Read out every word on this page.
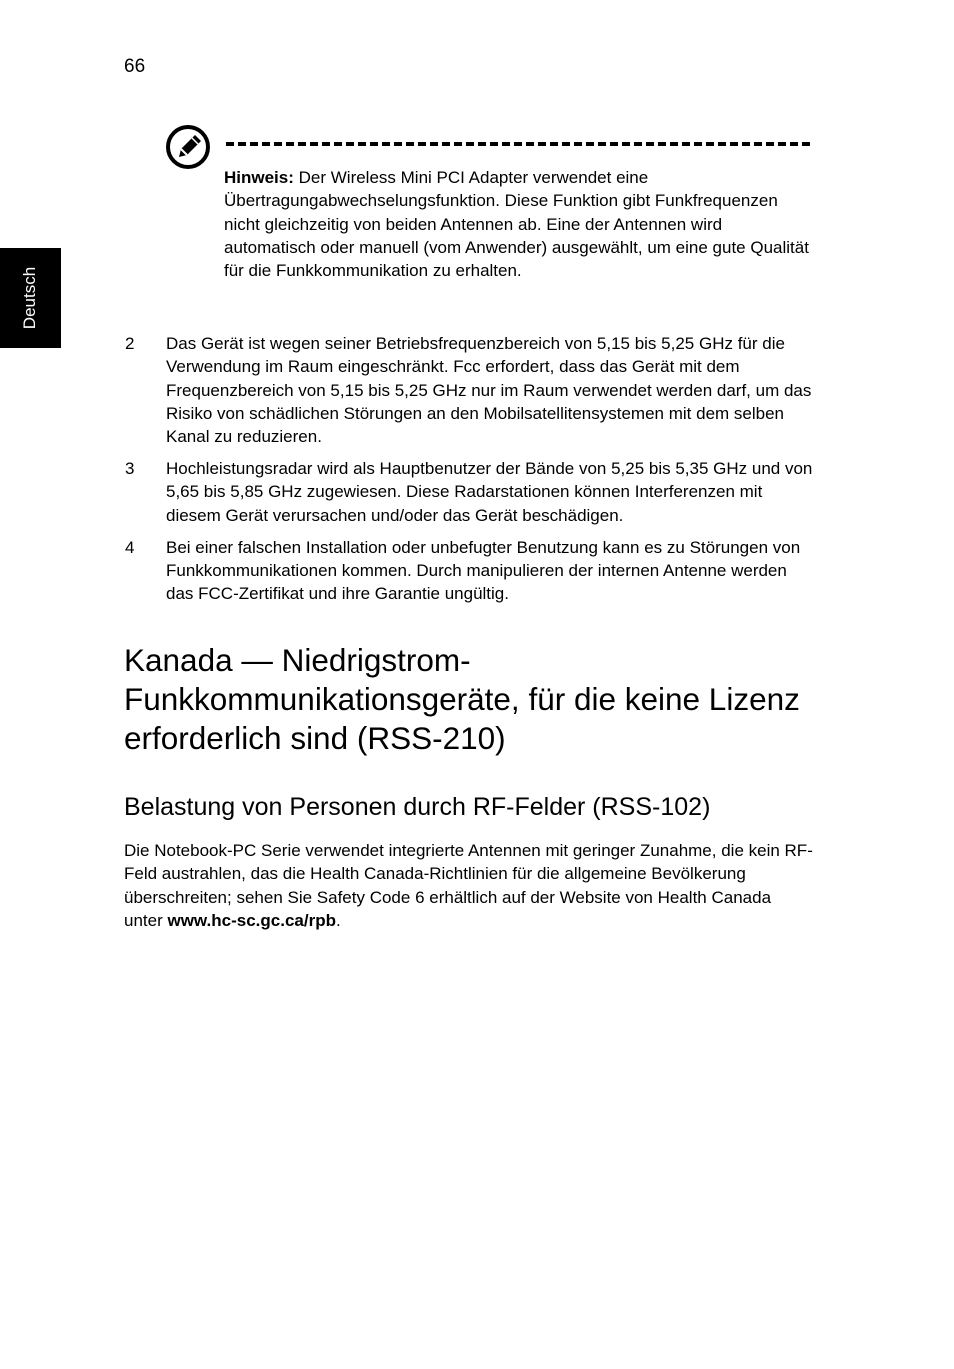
66
Deutsch
Hinweis: Der Wireless Mini PCI Adapter verwendet eine Übertragungabwechselungsfunktion. Diese Funktion gibt Funkfrequenzen nicht gleichzeitig von beiden Antennen ab. Eine der Antennen wird automatisch oder manuell (vom Anwender) ausgewählt, um eine gute Qualität für die Funkkommunikation zu erhalten.
2 Das Gerät ist wegen seiner Betriebsfrequenzbereich von 5,15 bis 5,25 GHz für die Verwendung im Raum eingeschränkt. Fcc erfordert, dass das Gerät mit dem Frequenzbereich von 5,15 bis 5,25 GHz nur im Raum verwendet werden darf, um das Risiko von schädlichen Störungen an den Mobilsatellitensystemen mit dem selben Kanal zu reduzieren.
3 Hochleistungsradar wird als Hauptbenutzer der Bände von 5,25 bis 5,35 GHz und von 5,65 bis 5,85 GHz zugewiesen. Diese Radarstationen können Interferenzen mit diesem Gerät verursachen und/oder das Gerät beschädigen.
4 Bei einer falschen Installation oder unbefugter Benutzung kann es zu Störungen von Funkkommunikationen kommen. Durch manipulieren der internen Antenne werden das FCC-Zertifikat und ihre Garantie ungültig.
Kanada — Niedrigstrom-Funkkommunikationsgeräte, für die keine Lizenz erforderlich sind (RSS-210)
Belastung von Personen durch RF-Felder (RSS-102)
Die Notebook-PC Serie verwendet integrierte Antennen mit geringer Zunahme, die kein RF-Feld austrahlen, das die Health Canada-Richtlinien für die allgemeine Bevölkerung überschreiten; sehen Sie Safety Code 6 erhältlich auf der Website von Health Canada unter www.hc-sc.gc.ca/rpb.
